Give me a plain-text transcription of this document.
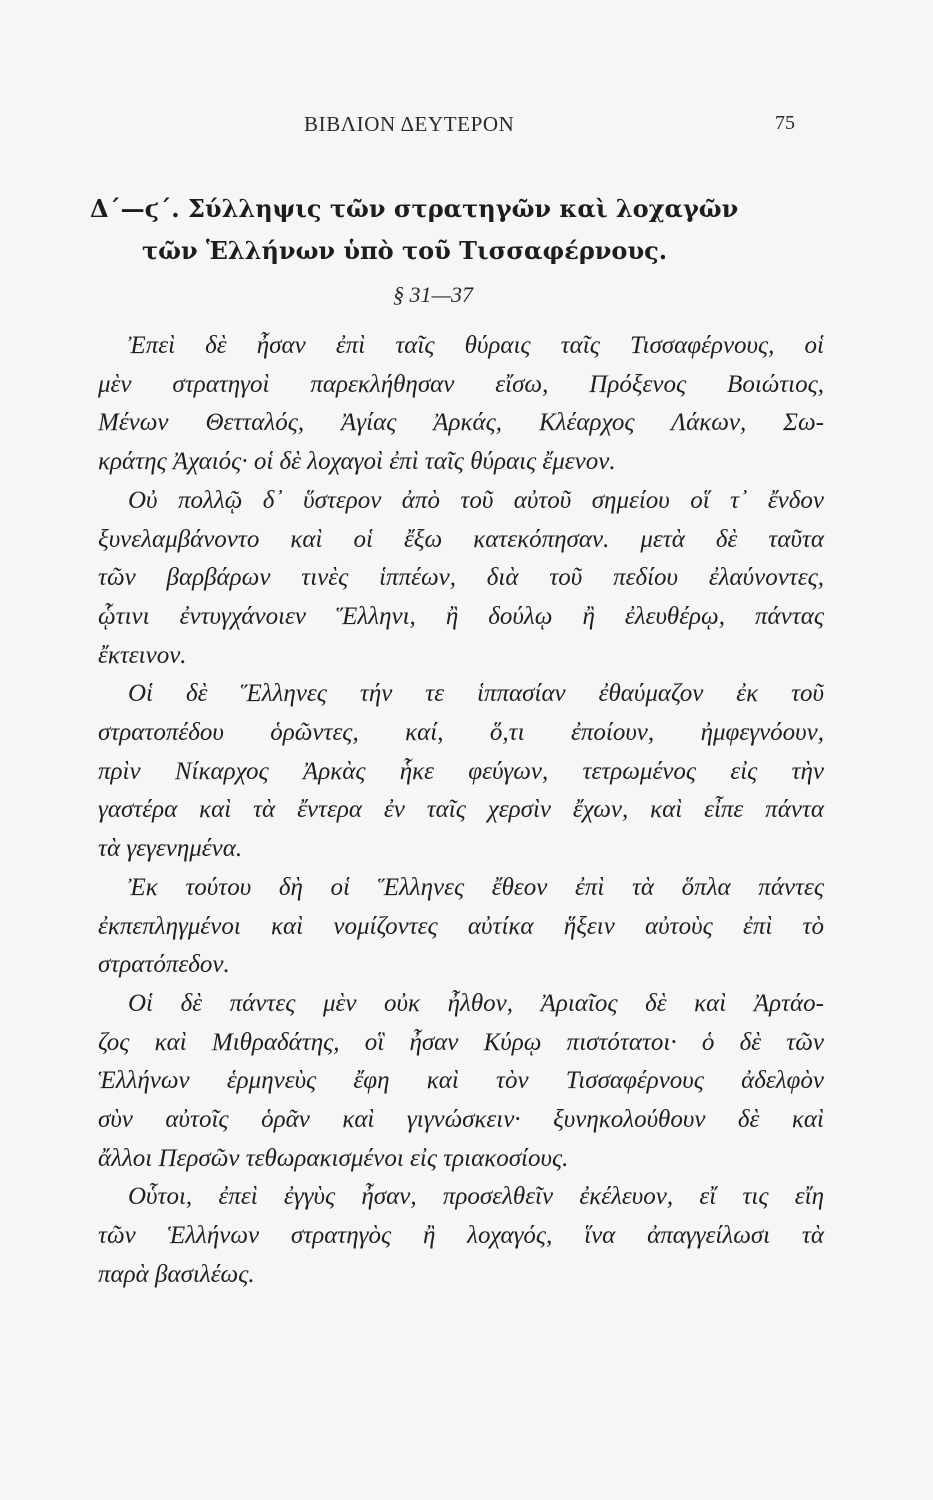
ΒΙΒΛΙΟΝ ΔΕΥΤΕΡΟΝ	75
Δ΄—ϛ΄. Σύλληψις τῶν στρατηγῶν καὶ λοχαγῶν
τῶν Ἑλλήνων ὑπὸ τοῦ Τισσαφέρνους.
§ 31—37

Ἐπεὶ δὲ ἦσαν ἐπὶ ταῖς θύραις ταῖς Τισσαφέρνους, οἱ
μὲν στρατηγοὶ παρεκλήθησαν εἴσω, Πρόξενος Βοιώτιος,
Μένων Θετταλός, Ἀγίας Ἀρκάς, Κλέαρχος Λάκων, Σω-
κράτης Ἀχαιός· οἱ δὲ λοχαγοὶ ἐπὶ ταῖς θύραις ἔμενον.

Οὐ πολλῷ δ᾽ ὕστερον ἀπὸ τοῦ αὐτοῦ σημείου οἵ τ᾽ ἔνδον
ξυνελαμβάνοντο καὶ οἱ ἔξω κατεκόπησαν. μετὰ δὲ ταῦτα
τῶν βαρβάρων τινὲς ἱππέων, διὰ τοῦ πεδίου ἐλαύνοντες,
ᾧτινι ἐντυγχάνοιεν Ἕλληνι, ἢ δούλῳ ἢ ἐλευθέρῳ, πάντας
ἔκτεινον.

Οἱ δὲ Ἕλληνες τήν τε ἱππασίαν ἐθαύμαζον ἐκ τοῦ
στρατοπέδου ὁρῶντες, καί, ὅ,τι ἐποίουν, ἠμφεγνόουν,
πρὶν Νίκαρχος Ἀρκὰς ἧκε φεύγων, τετρωμένος εἰς τὴν
γαστέρα καὶ τὰ ἔντερα ἐν ταῖς χερσὶν ἔχων, καὶ εἶπε πάντα
τὰ γεγενημένα.

Ἐκ τούτου δὴ οἱ Ἕλληνες ἔθεον ἐπὶ τὰ ὅπλα πάντες
ἐκπεπληγμένοι καὶ νομίζοντες αὐτίκα ἥξειν αὐτοὺς ἐπὶ τὸ
στρατόπεδον.

Οἱ δὲ πάντες μὲν οὐκ ἦλθον, Ἀριαῖος δὲ καὶ Ἀρτάο-
ζος καὶ Μιθραδάτης, οἳ ἦσαν Κύρῳ πιστότατοι· ὁ δὲ τῶν
Ἑλλήνων ἑρμηνεὺς ἔφη καὶ τὸν Τισσαφέρνους ἀδελφὸν
σὺν αὐτοῖς ὁρᾶν καὶ γιγνώσκειν· ξυνηκολούθουν δὲ καὶ
ἄλλοι Περσῶν τεθωρακισμένοι εἰς τριακοσίους.

Οὗτοι, ἐπεὶ ἐγγὺς ἦσαν, προσελθεῖν ἐκέλευον, εἴ τις εἴη
τῶν Ἑλλήνων στρατηγὸς ἢ λοχαγός, ἵνα ἀπαγγείλωσι τὰ
παρὰ βασιλέως.
